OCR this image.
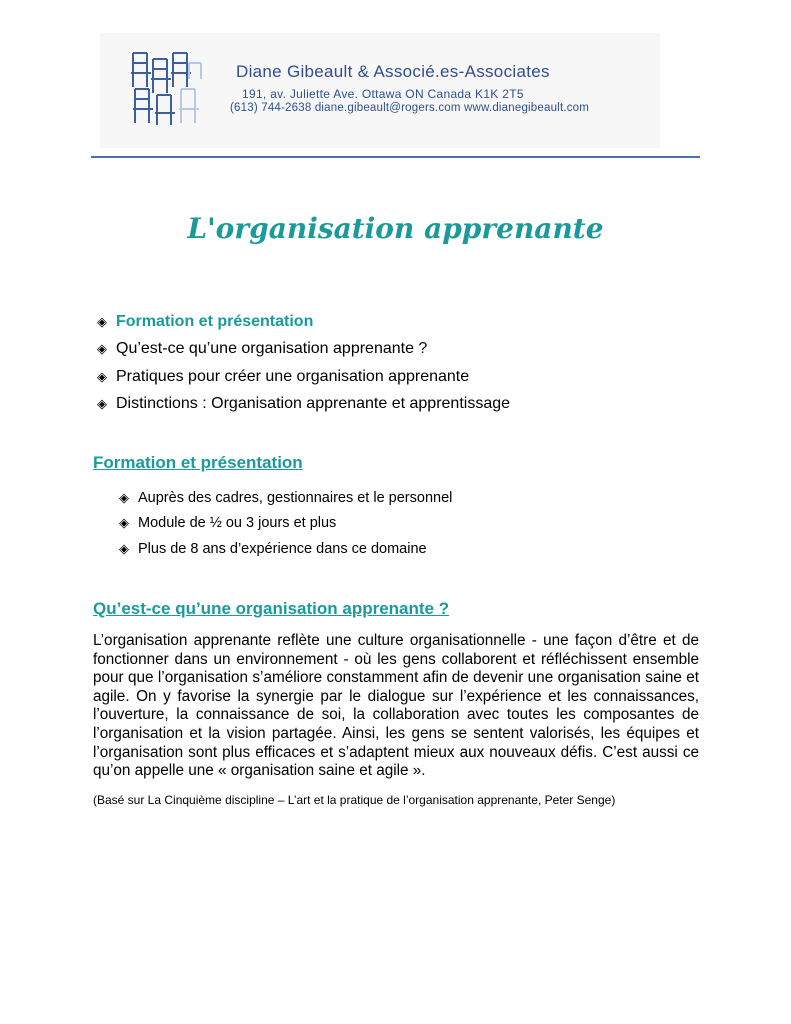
Diane Gibeault & Associé.es-Associates
191, av. Juliette Ave. Ottawa ON Canada K1K 2T5
(613) 744-2638 diane.gibeault@rogers.com www.dianegibeault.com
L'organisation apprenante
◈ Formation et présentation
◈ Qu’est-ce qu’une organisation apprenante ?
◈ Pratiques pour créer une organisation apprenante
◈ Distinctions : Organisation apprenante et apprentissage
Formation et présentation
◈ Auprès des cadres, gestionnaires et le personnel
◈ Module de ½ ou 3 jours et plus
◈ Plus de 8 ans d’expérience dans ce domaine
Qu’est-ce qu’une organisation apprenante ?

L’organisation apprenante reflète une culture organisationnelle - une façon d’être et de fonctionner dans un environnement - où les gens collaborent et réfléchissent ensemble pour que l’organisation s’améliore constamment afin de devenir une organisation saine et agile. On y favorise la synergie par le dialogue sur l’expérience et les connaissances, l’ouverture, la connaissance de soi, la collaboration avec toutes les composantes de l’organisation et la vision partagée. Ainsi, les gens se sentent valorisés, les équipes et l’organisation sont plus efficaces et s’adaptent mieux aux nouveaux défis. C’est aussi ce qu’on appelle une « organisation saine et agile ».

(Basé sur La Cinquième discipline – L’art et la pratique de l’organisation apprenante, Peter Senge)
